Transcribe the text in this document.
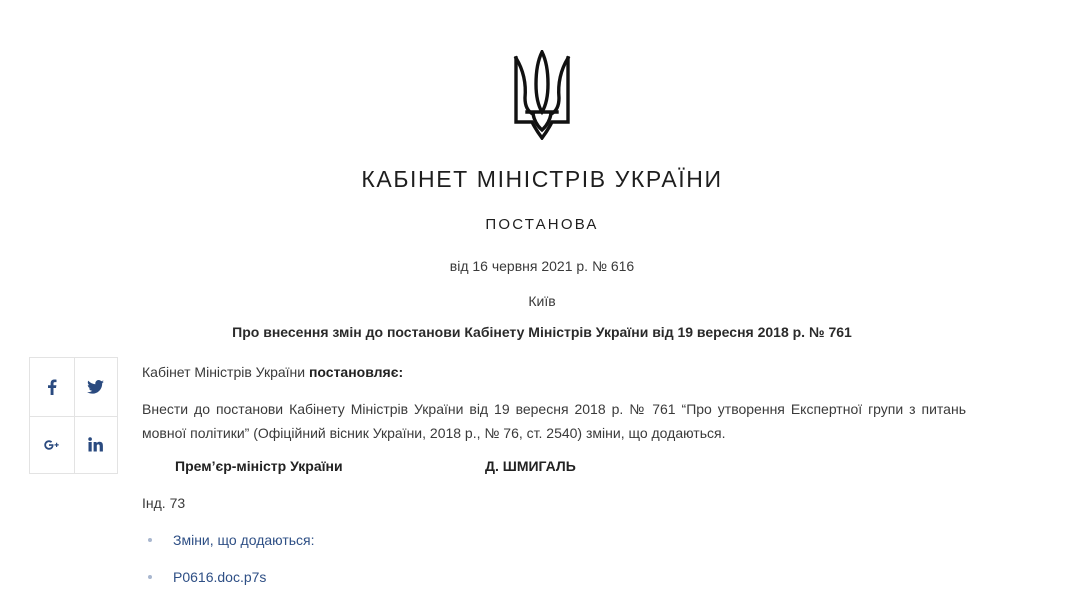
КАБІНЕТ МІНІСТРІВ УКРАЇНИ
ПОСТАНОВА
від 16 червня 2021 р. № 616
Київ
Про внесення змін до постанови Кабінету Міністрів України від 19 вересня 2018 р. № 761

Кабінет Міністрів України постановляє:

Внести до постанови Кабінету Міністрів України від 19 вересня 2018 р. № 761 “Про утворення Експертної групи з питань мовної політики” (Офіційний вісник України, 2018 р., № 76, ст. 2540) зміни, що додаються.

Прем’єр-міністр України	Д. ШМИГАЛЬ

Інд. 73

Зміни, що додаються:
P0616.doc.p7s
